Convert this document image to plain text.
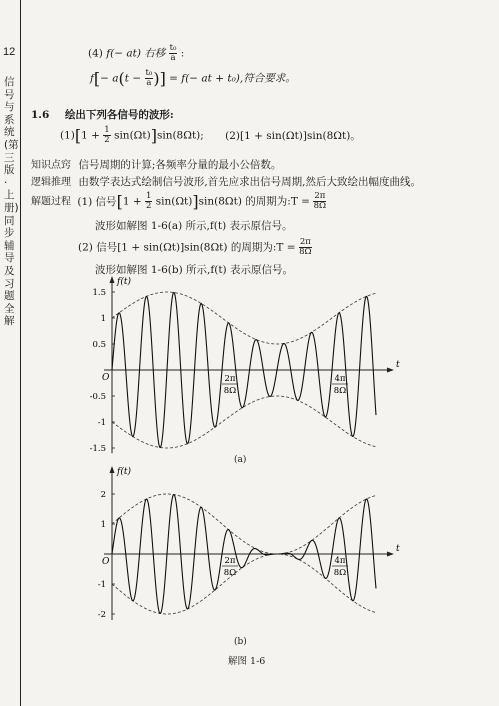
12
信号与系统(第三版·上册)同步辅导及习题全解
(4) f(− at) 右移 $\frac{\text{t₀}}{a}$ :
$f[- a(t - \frac{\text{t₀}}{a}$ )] = f(− at + t₀),符合要求。
1.6 绘出下列各信号的波形:
$(1)[1 + \frac{1}{2} \sin(\Omega t)]\sin(8\Omega t)$; (2)[1 + sin(Ωt)]sin(8Ωt)。
知识点窍 信号周期的计算;各频率分量的最小公倍数。
逻辑推理 由数学表达式绘制信号波形,首先应求出信号周期,然后大致绘出幅度曲线。
解题过程 (1) 信号$[1 + \frac{1}{2} \sin(\Omega t)]\sin(8\Omega t)$ 的周期为:T = $\frac{2\pi}{8\Omega}$
波形如解图 1-6(a) 所示,f(t) 表示原信号。
(2) 信号[1 + sin(Ωt)]sin(8Ωt) 的周期为:T = $\frac{2\pi}{8\Omega}$
波形如解图 1-6(b) 所示,f(t) 表示原信号。
f(t)
t
O
1.5
1
0.5
-0.5
-1
-1.5
2π
8Ω
4π
8Ω
(a)
f(t)
t
O
2
1
-1
-2
2π
8Ω
4π
8Ω
(b)
解图 1-6
